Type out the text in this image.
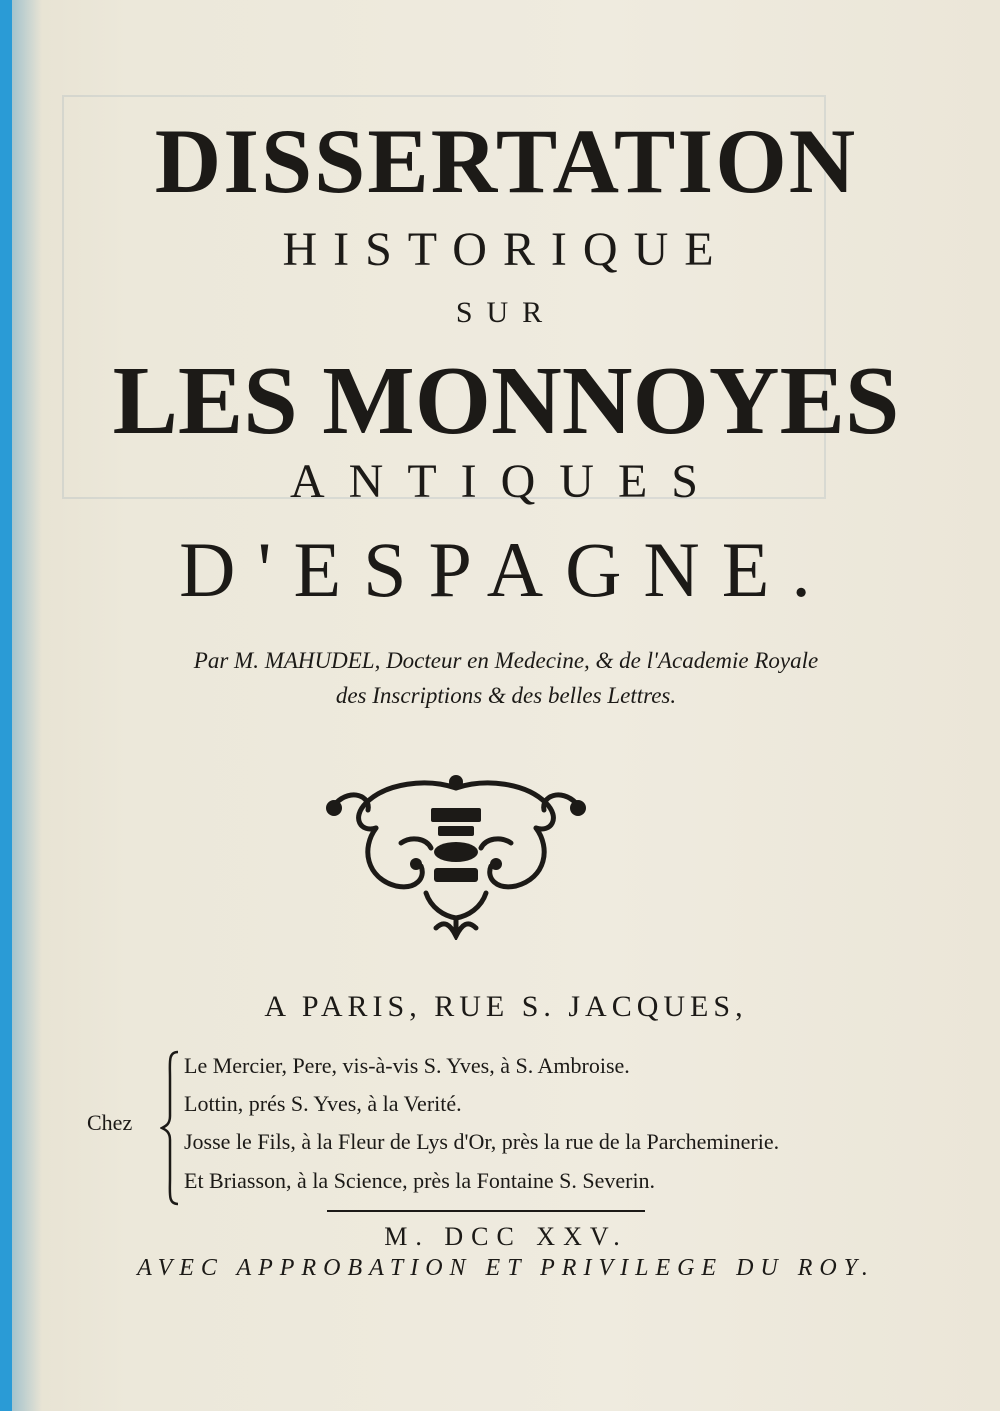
DISSERTATION
HISTORIQUE
SUR
LES MONNOYES
ANTIQUES
D'ESPAGNE.
Par M. MAHUDEL, Docteur en Medecine, & de l'Academie Royale
des Inscriptions & des belles Lettres.
A PARIS, RUE S. JACQUES,
Chez
Le Mercier, Pere, vis-à-vis S. Yves, à S. Ambroise.
Lottin, prés S. Yves, à la Verité.
Josse le Fils, à la Fleur de Lys d'Or, près la rue de la Parcheminerie.
Et Briasson, à la Science, près la Fontaine S. Severin.
M. DCC XXV.
AVEC APPROBATION ET PRIVILEGE DU ROY.
